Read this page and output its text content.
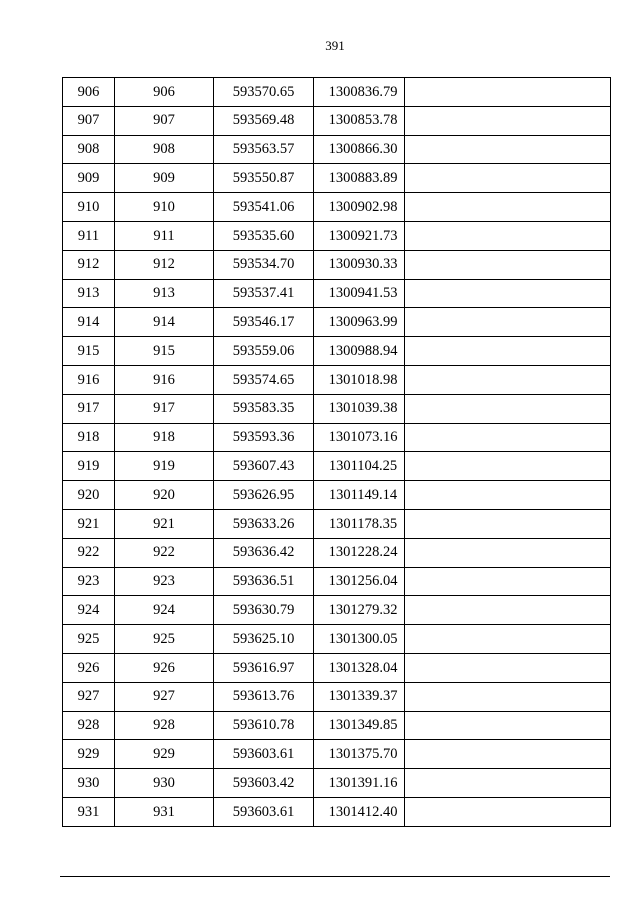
391
906	906	593570.65	1300836.79	
907	907	593569.48	1300853.78	
908	908	593563.57	1300866.30	
909	909	593550.87	1300883.89	
910	910	593541.06	1300902.98	
911	911	593535.60	1300921.73	
912	912	593534.70	1300930.33	
913	913	593537.41	1300941.53	
914	914	593546.17	1300963.99	
915	915	593559.06	1300988.94	
916	916	593574.65	1301018.98	
917	917	593583.35	1301039.38	
918	918	593593.36	1301073.16	
919	919	593607.43	1301104.25	
920	920	593626.95	1301149.14	
921	921	593633.26	1301178.35	
922	922	593636.42	1301228.24	
923	923	593636.51	1301256.04	
924	924	593630.79	1301279.32	
925	925	593625.10	1301300.05	
926	926	593616.97	1301328.04	
927	927	593613.76	1301339.37	
928	928	593610.78	1301349.85	
929	929	593603.61	1301375.70	
930	930	593603.42	1301391.16	
931	931	593603.61	1301412.40	
